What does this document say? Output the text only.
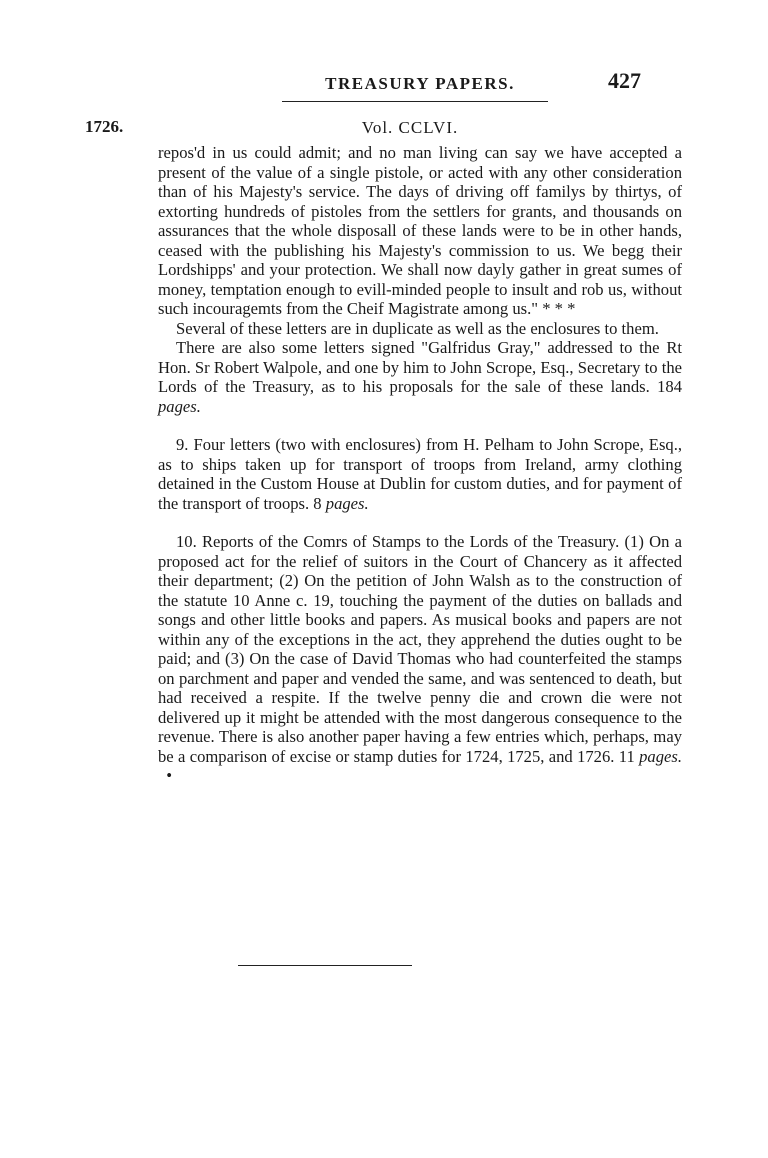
TREASURY PAPERS.	427
1726.	Vol. CCLVI.

repos'd in us could admit; and no man living can say we have accepted a present of the value of a single pistole, or acted with any other consideration than of his Majesty's service. The days of driving off familys by thirtys, of extorting hundreds of pistoles from the settlers for grants, and thousands on assurances that the whole disposall of these lands were to be in other hands, ceased with the publishing his Majesty's commission to us. We begg their Lordshipps' and your protection. We shall now dayly gather in great sumes of money, temptation enough to evill-minded people to insult and rob us, without such incouragemts from the Cheif Magistrate among us." * * *

Several of these letters are in duplicate as well as the enclosures to them.

There are also some letters signed "Galfridus Gray," addressed to the Rt Hon. Sr Robert Walpole, and one by him to John Scrope, Esq., Secretary to the Lords of the Treasury, as to his proposals for the sale of these lands. 184 pages.

9. Four letters (two with enclosures) from H. Pelham to John Scrope, Esq., as to ships taken up for transport of troops from Ireland, army clothing detained in the Custom House at Dublin for custom duties, and for payment of the transport of troops. 8 pages.

10. Reports of the Comrs of Stamps to the Lords of the Treasury. (1) On a proposed act for the relief of suitors in the Court of Chancery as it affected their department; (2) On the petition of John Walsh as to the construction of the statute 10 Anne c. 19, touching the payment of the duties on ballads and songs and other little books and papers. As musical books and papers are not within any of the exceptions in the act, they apprehend the duties ought to be paid; and (3) On the case of David Thomas who had counterfeited the stamps on parchment and paper and vended the same, and was sentenced to death, but had received a respite. If the twelve penny die and crown die were not delivered up it might be attended with the most dangerous consequence to the revenue. There is also another paper having a few entries which, perhaps, may be a comparison of excise or stamp duties for 1724, 1725, and 1726. 11 pages.   •
